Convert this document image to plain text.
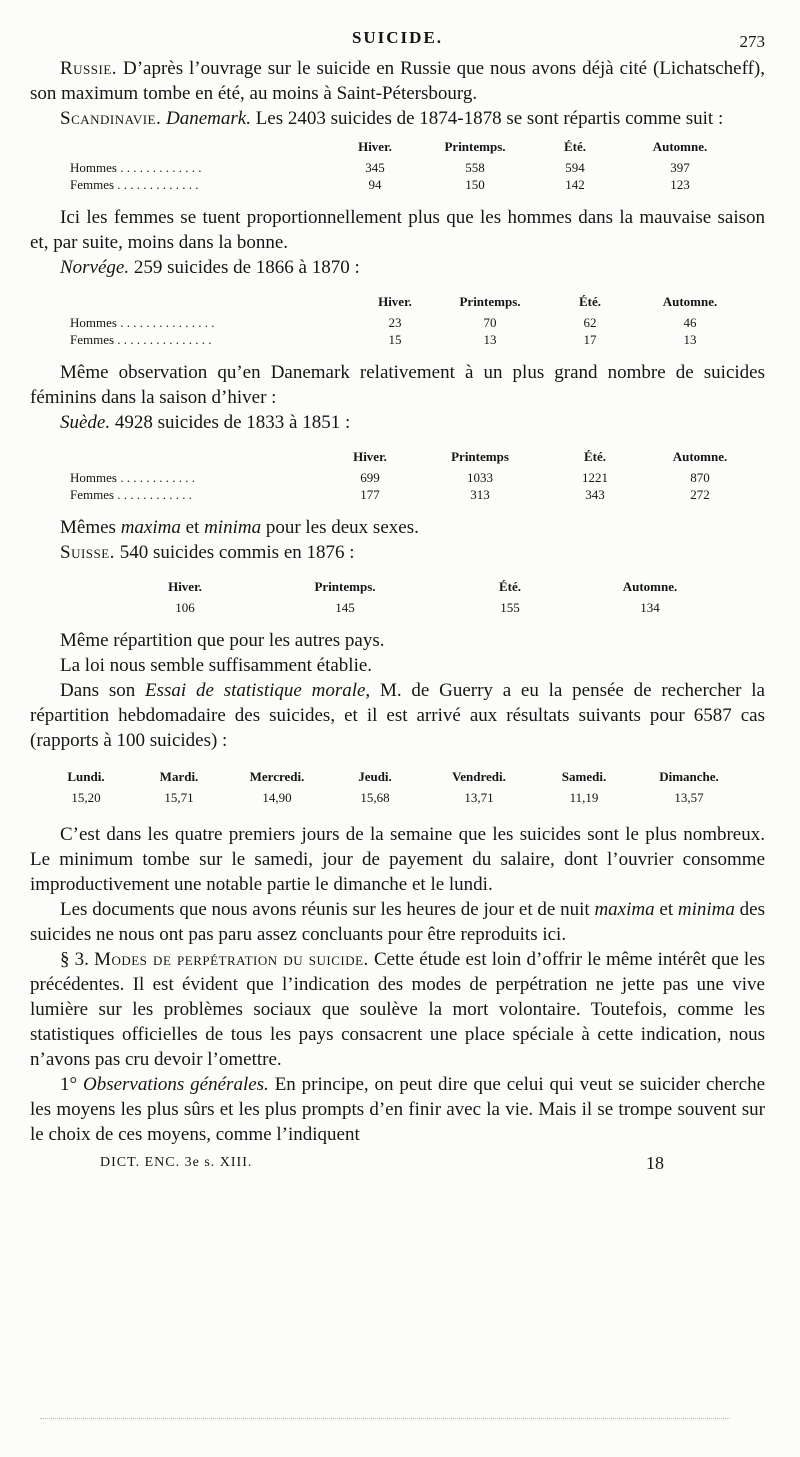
SUICIDE.	273

Russie. D’après l’ouvrage sur le suicide en Russie que nous avons déjà cité (Lichatscheff), son maximum tombe en été, au moins à Saint-Pétersbourg.

Scandinavie. Danemark. Les 2403 suicides de 1874-1878 se sont répartis comme suit :

	Hiver.	Printemps.	Été.	Automne.
Hommes . . . . . . . . . . . . .	345	558	594	397
Femmes . . . . . . . . . . . . .	94	150	142	123

Ici les femmes se tuent proportionnellement plus que les hommes dans la mauvaise saison et, par suite, moins dans la bonne.

Norvége. 259 suicides de 1866 à 1870 :

	Hiver.	Printemps.	Été.	Automne.
Hommes . . . . . . . . . . . . . . .	23	70	62	46
Femmes . . . . . . . . . . . . . . .	15	13	17	13

Même observation qu’en Danemark relativement à un plus grand nombre de suicides féminins dans la saison d’hiver :

Suède. 4928 suicides de 1833 à 1851 :

	Hiver.	Printemps	Été.	Automne.
Hommes . . . . . . . . . . . .	699	1033	1221	870
Femmes . . . . . . . . . . . .	177	313	343	272

Mêmes maxima et minima pour les deux sexes.

Suisse. 540 suicides commis en 1876 :

Hiver.	Printemps.	Été.	Automne.
106	145	155	134

Même répartition que pour les autres pays.

La loi nous semble suffisamment établie.

Dans son Essai de statistique morale, M. de Guerry a eu la pensée de rechercher la répartition hebdomadaire des suicides, et il est arrivé aux résultats suivants pour 6587 cas (rapports à 100 suicides) :

Lundi.	Mardi.	Mercredi.	Jeudi.	Vendredi.	Samedi.	Dimanche.
15,20	15,71	14,90	15,68	13,71	11,19	13,57

C’est dans les quatre premiers jours de la semaine que les suicides sont le plus nombreux. Le minimum tombe sur le samedi, jour de payement du salaire, dont l’ouvrier consomme improductivement une notable partie le dimanche et le lundi.

Les documents que nous avons réunis sur les heures de jour et de nuit maxima et minima des suicides ne nous ont pas paru assez concluants pour être reproduits ici.

§ 3. Modes de perpétration du suicide. Cette étude est loin d’offrir le même intérêt que les précédentes. Il est évident que l’indication des modes de perpétration ne jette pas une vive lumière sur les problèmes sociaux que soulève la mort volontaire. Toutefois, comme les statistiques officielles de tous les pays consacrent une place spéciale à cette indication, nous n’avons pas cru devoir l’omettre.

1° Observations générales. En principe, on peut dire que celui qui veut se suicider cherche les moyens les plus sûrs et les plus prompts d’en finir avec la vie. Mais il se trompe souvent sur le choix de ces moyens, comme l’indiquent

DICT. ENC. 3e s. XIII.	18
